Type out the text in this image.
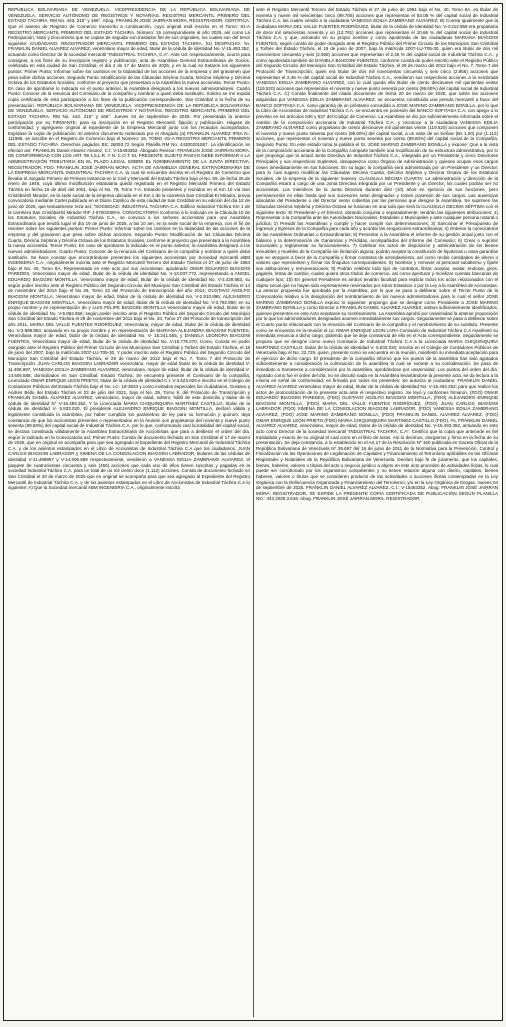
REPÚBLICA BOLIVARIANA DE VENEZUELA. VICEPRESIDENCIA DE LA REPÚBLICA BOLIVARIANA DE VENEZUELA. SERVICIO AUTÓNOMO DE REGISTROS Y NOTARÍAS. REGISTRO MERCANTIL PRIMERO DEL ESTADO TÁCHIRA. RM No. 443. 215° y 166°. Abog. FRANKLIN JOSÉ JAIRRAN MORA, REGISTRADOR. CERTIFICA: Que el asiento de Registro de Comercio transcrito a continuación, cuyo original está inscrito en el Tomo: 81-A REGISTRO MERCANTIL PRIMERO DEL ESTADO TÁCHIRA. Número: 15 correspondiente al año 2025, así como La Participación, Nota y Documento que se copian de seguida son traslados fiel de sus originales, los cuales son del tenor siguiente: CIUDADANO. REGISTRADOR MERCANTIL PRIMERO DEL ESTADO TÁCHIRA. SU DESPACHO. Yo, FRANKLIN DANIEL ALVAREZ ALVAREZ, venezolano mayor de edad, titular de la cédula de identidad No. V-15.493.352, actuando como Director de la sociedad mercantil "INDUSTRIAL TACHIRA, C.A". Ante Ud. respetuosamente, ocurro para consignar, a los fines de su inscripción registro y publicación, acta de Asamblea General Extraordinaria de Socios, celebrada en esta ciudad de San Cristóbal, el día 4 de 17 de Marzo de 2025, y en la cual se trataron los siguientes puntos: Primer Punto: Informar sobre los cambios en la titularidad de las acciones de la empresa y del gravamen que pesa sobre dichas acciones. Segundo Punto: Modificación de las Cláusulas Décima Cuarta, Décima Séptima y Décima Octava de los Estatutos Sociales, conforme al proyecto que presentara a la Asamblea la nueva accionista. Tercer Punto: En caso de aprobarse lo indicado en el punto anterior, la Asamblea designará a los nuevos administradores. Cuarto Punto: Conocer de la renuncia del Comisario de la compañía y nombrar a quien deba sustituirlo. Solicito se me expida copia certificada de esta participación a los fines de la publicación correspondiente. San Cristóbal a la fecha de su presentación. REPÚBLICA BOLIVARIANA DE VENEZUELA. VICEPRESIDENCIA DE LA REPÚBLICA BOLIVARIANA DE VENEZUELA. SERVICIO AUTÓNOMO DE REGISTROS Y NOTARÍAS. REGISTRO MERCANTIL PRIMERO DEL ESTADO TÁCHIRA. RM No. 443. 215° y 166°. Jueves 04 de septiembre de 2025. Por presentada la anterior participación por su FIRMANTE, para su inscripción en el Registro Mercantil, fijación y publicación. Hágase de conformidad, y agréguese original al expediente de la Empresa Mercantil junto con los recaudos acompañados. Expídase la copia de publicación. El anterior documento redactado por el Abogado (a) FRANKLIN ALVAREZ IPSA N.: 111986, se inscribe en el Registro de Comercio bajo el Número: 15, TOMO -81-A REGISTRO MERCANTIL PRIMERO DEL ESTADO TÁCHIRA. Derechos pagados BS: 28093.72 Según Planilla RM No. 44300201557. La identificación se efectuó así: FRANKLIN Daniel Alvarez Alvarez, C.I: V-15493352. Abogado Revisor: FRANKLIN JOSÉ JAIRRAN MORA. DE CONFORMIDAD CON LOS ART. 99 1,5,L.R. Y N. C.O.T. EL PRESENTE SUJETO PASIVO DEBE INFORMAR A LA ADMINISTRACIÓN TRIBUTARIA EN EL PLAZO LEGAL SOBRE EL NOMBRAMIENTO DE LA JUNTA DIRECTIVA. REGISTRADOR. FDO. FRANKLIN JOSÉ JAIRRAN MORA. ACTA DE ASAMBLEA GENERAL EXTRAORDINARIA DE LA EMPRESA MERCANTIL INDUSTRIAL TACHIRA C.A. la cual se encuentra inscrita en el Registro de Comercio que llevaba el Juzgado Primero de Primera Instancia en lo Civil y Mercantil del Estado Táchira bajo el No. 09, de fecha 25 de enero de 1946, cuya última modificación estatutaria quedó registrada en el Registro Mercantil Primero del Estado Táchira en fecha 16 de abril del 2001, bajo el No. 78, Tomo 7-A. Estando presentes y reunidos en el Km 10 vía San Cristóbal-El Mirador, en la sede social de la empresa ubicada en el Km 1 de la carretera San Cristóbal-El Mirador, previa convocatoria mediante Cartel publicado en el Diario Católico de esta ciudad de San Cristóbal en su edición del día 12 de junio de 2025, que textualmente reza así: "SOCIEDAD: INDUSTRIAL TACHIRA C.A. Edificio Industrial Táchira Km 1 de la carretera San Cristóbal-El Mirador RIF J-07001009-6. CONVOCATORIA Conforme a lo indicado en la Cláusula 10 de los Estatutos Sociales de Industrial Táchira C.A., se convoca a los señores accionistas para una Asamblea Extraordinaria que tendrá lugar el día 19 de junio de 2025, a las 10 am, en la sede social de la empresa, con el fin de resolver sobre los siguientes puntos: Primer Punto: Informar sobre los cambios en la titularidad de las acciones de la empresa y del gravamen que pesa sobre dichas acciones. Segundo Punto: Modificación de las Cláusulas Décima Cuarta, Décima Séptima y Décima Octava de los Estatutos Sociales, conforme al proyecto que presentara a la Asamblea la nueva accionista. Tercer Punto: En caso de aprobarse lo indicado en el punto anterior, la Asamblea designará a los nuevos administradores. Cuarto Punto: Conocer de la renuncia del Comisario de la compañía y nombrar a quien deba sustituirlo. Se hace constar que encontrándose presentes los siguientes accionistas por Sociedad mercantil ABM INGENIERIA C.A., originalmente inscrita ante el Registro Mercantil Tercero del Estado Táchira el 27 de junio de 1984 bajo el No. 40, Tomo 8A, Representada en este acto por sus accionistas: apoderado OMAR EDUARDO BIAGGINI PAREDES, Venezolano mayor de edad, titular de la cédula de identidad No. V-13.037.772, representando a ANGEL EDUARDO BIAGGINI MONTILLA, Venezolano mayor de edad, titular de la cédula de identidad No. V-3.429.883, su según poder inscrito ante el Registro Público del Segundo Circuito del Municipio San Cristóbal del Estado Táchira el 14 de noviembre del 2014 bajo el No 26, Tomo 22 del Protocolo de transcripción del año 2014; GUSTAVO ADOLFO BIAGGINI MONTILLA, Venezolano mayor de edad, titular de la cédula de identidad No. V-2.810.896; ALEJANDRO ENRIQUE BIAGGINI MONTILLA, Venezolano mayor de edad, titular de la cédula de identidad No. V-3.792.990; en su propio nombre y en representación de y LUIS FELIPE BIAGGINI MONTILLA Venezolano mayor de edad, titular de la cédula de identidad No. V-5.862.656; según poder inscrito ante el Registro Público del Segundo Circuito del Municipio San Cristóbal del Estado Táchira el 29 de noviembre del 2011 bajo el No. 34, Tomo 27 del Protocolo de transcripción del año 2011, MARIA DEL VALLE FUENTES RODRÍGUEZ, Venezolana, mayor de edad, titular de la cédula de identidad No. V-3.998.853, actuando en su propio nombre y en representación de MARIANA ALEJANDRA BIAGGINI FUENTES, Venezolana mayor de edad, titular de la cédula de identidad No. V- 15.241.555, y DANIELA LEONORA BIAGGINI FUENTES, Venezolana mayor de edad, titular de la cédula de identidad No. V-16.778.270, Como, Consta en poder otorgado ante el Registro Público del Primer Circuito de los Municipios San Cristóbal y Torbes del Estado Táchira, el 18 de junio del 2007, bajo la matrícula 2007-LU-T05-30, Y poder inscrito ante el Registro Público del Segundo Circuito del Municipio San Cristóbal del Estado Táchira, el 29 de marzo del 2012 bajo el No. 7, Tomo 7 del Protocolo de Transcripción. JUAN CARLOS BIAGGINI LABRADOR venezolano, mayor de edad titular de la cédula de identidad V-11.498.997, VANESSA EDILIA ZAMBRANO ALVIAREZ, venezolana, mayor de edad, titular de la cédula de identidad V-14.606.688, domiciliados en San Cristóbal, Estado Táchira, Se encuentra presente el Comisario de la compañía, Licenciado OMAR ENRIQUE LEÓN PRIETO, titular de la cédula de identidad C.I. V-3.623.626 e inscrito en el Colegio de Contadores Públicos del Estado Táchira bajo el No. LC- 18-3533 y como invitados especiales los ciudadanos, Gustavo y Andres Bello del Estado Táchira el 23 de julio del 2021, bajo el No. 35, Tomo 9, del Protocolo de Transcripción y FRANKLIN DANIEL ÁLVAREZ ALVAREZ, venezolano, mayor de edad, soltero, hábil de este domicilio y titular de la cédula de identidad N° V-15.493.352, Y la Licenciada MARIA CHIQUINQUIRA MARTINEZ CASTILLO, titular de la cédula de identidad V- 5.833.020, El presidente ALEJANDRO ENRIQUE BIAGGINI MONTILLA, declaró válida y legalmente constituida la asamblea, por haber cumplido los parámetros de ley para su formación y quórum: deja constancia de que los accionistas presentes o representados en la reunión son propietarios del noventa y nueve punto sesenta (99.60%) del capital social de Industrial Táchira C.A. por lo que, conformando casi la totalidad del capital social, se declara constituida válidamente la Asamblea Extraordinaria de Accionistas que para a deliberar el orden del día, según lo indicado en la Convocatoria así: Primer Punto: Consta de documento fechado en San Cristóbal el 17 de marzo de 2025, que en original se acompaña para que sea agregado al Expediente del Registro Mercantil de Industrial Táchira C.A. y de los asientos estampados en el Libro de Accionistas de Industrial Táchira C.A que los ciudadanos, JUAN CARLOS BIAGGINI LABRADOR y XIMENA DE LA CONSOLACION BIAGGINI LABRADOR, titulares de las cédulas de identidad V-11.498997 y V-14.606.688 respectivamente, vendieron a VANESSA EDILIA ZAMBRANO ALVIAREZ, el paquete de cuatrocientas cincuenta y seis (456) acciones que cada uno de ellos tienen suscritas y pagadas en la sociedad Industrial Táchira C.A. para un total de un mil ciento doce (1.112) acciones. Consta de documento fechado en San Cristóbal el 20 de marzo de 2025 que en original se acompaña para que sea agregado al Expediente del Registro Mercantil de Industrial Táchira C.A. y de los asientos estampados en el Libro de Accionistas de Industrial Táchira C.A lo siguiente: A) Que la Sociedad mercantil ABM INGENIERIA C.A., originalmente inscrita

ante el Registro Mercantil Tercero del Estado Táchira el 27 de junio de 1984 bajo el No. 40, Tomo 8A, es titular de noventa y nueve mil seiscientas cinco (99.705) acciones que representan el 83.08 % del capital social de Industrial Táchira C.A. las cuales vendió a la ciudadana VANESSA EDILIA ZAMBRANO ALVIAREZ; B) Consta igualmente que la ciudadana MARIA DEL VALLE FUENTES RODRÍGUEZ, titular de la cédula de identidad No. V-4.212.958 era propietaria de doce mil setecientas noventa y un (12.791) acciones que representan el 10,66 % del capital social de Industrial Táchira C.A. y que, actuando en su propio nombre y como apoderada de las ciudadanas MARIANA BIAGGINI FUENTES, según consta de poder otorgado ante el Registro Público del Primer Circuito de los Municipios San Cristóbal y Torbes del Estado Táchira, el 18 de junio de 2007, bajo la matrícula 2007-LU-T05-30, quien era titular de dos mil novecientos cincuenta y seis (2.956) acciones que representan el 2,46 % del capital social de Industrial Táchira C.A., y como apoderada también de DANIELA BIAGGINI FUENTES, conforme consta de poder inscrito ante el Registro Público del Segundo Circuito del Municipio San Cristóbal del Estado Táchira, el 29 de marzo del 2012 bajo el No. 7, Tomo 7 del Protocolo de Transcripción, quien era titular de dos mil novecientas cincuenta y seis cinco (2.956) acciones que representan el 2,46 % del capital social de Industrial Táchira C.A., vendieron sus respectivas acciones a la nombrada VANESSA EDILIA ZAMBRANO ALVIAREZ, con lo cual queda ella titular de ciento diecinueve mil quinientas veinte (119.520) acciones que representan el noventa y nueve punto sesenta por ciento (99.60%) del capital social de Industrial Táchira C.A. C) Consta finalmente del citado documento de fecha 20 de marzo de 2025, que sobre las acciones adquiridas por VANESSA EDILIA ZAMBRANO ALVIAREZ, se encuentra constituida una prenda mercantil a favor del BANCO SOFITASA C.A. como garantía de un préstamo concedido a JOSE MARINO ZAMBRANO BONILLA, por lo que la Libro de Accionistas de Industrial Táchira C.A. se encuentra en posesión del BANCO SOFITASA C.A. con apego a lo previsto en los artículos 536 y 537 del Código de Comercio. La Asamblea se dio por suficientemente informada sobre el cambio de la composición accionaria de Industrial Táchira C.A. y reconoce a la ciudadana VANESSA EDILIA ZAMBRANO ALVIAREZ como propietaria de ciento diecinueve mil quinientas veinte (119.520) acciones que componen el noventa y nueve punto sesenta por ciento (99,60%) del capital social, a un valor de un bolívar (Bs 1,00) por (1.112) acciones, que representan el noventa y nueve punto sesenta por ciento (99,60%) del capital social de la Compañía. Segundo Punto: En este estado toma la palabra el Sr. JOSE MARINO ZAMBRANO BONILLA y expone: Que a la vista de la composición accionaria de la Compañía comparte también una modificación de su estructura administrativa, por lo que propongo que la actual Junta Directiva de Industrial Táchira C.A., integrada por un Presidente y cinco Directores Principales y sus respectivos Suplentes, desaparezca como Órgano de Administración y quienes ocupan esos cargos cesen inmediatamente en sus funciones. En su lugar, la compañía será administrada por un Presidente y un Director, para lo cual sugiero modificar las Cláusulas Décima Cuarta, Décima Séptima y Décima Octava de los Estatutos Sociales, de la empresa de la siguiente manera: CLÁUSULA DÉCIMA CUARTA: La administración y dirección de la Compañía estará a cargo de una Junta Directiva integrada por un Presidente y un Director, los cuales podrán ser no accionistas. Los miembros de la Junta Directiva durarán diez (10) años en ejercicio de sus funciones, pero permanecerán en ellas hasta que sus sucesores sean designados y tomen posesión de sus cargos. Las ausencias absolutas del Presidente o del Director serán cubiertas por las personas que designe la Asamblea. Se suprimen las Cláusulas Décima Séptima y Décima Octava se fusionan en una sola que será la CLAUSULA DECIMA SÉPTIMA con el siguiente texto: El Presidente y el Director, obrando conjunta o separadamente, tendrán las siguientes atribuciones: 1) Representar a la Compañía ante las Autoridades Nacionales, Estadales o Municipales y ante cualquier persona natural o jurídica; 2) Presidir las Asambleas y cumplir y hacer cumplir sus determinaciones; 3) Sancionar el Presupuesto de Ingresos y Egresos de la Compañía para cada año y acordar las erogaciones extraordinarias; 4) Ordenar la convocatoria de las Asambleas Ordinarias o Extraordinarias; 5) Presentar a la Asamblea el informe de su gestión anual junto con el balance y la determinación de Ganancias y Pérdidas, acompañados del Informe del Comisario; 6) Crear o suprimir sucursales y reglamentar su funcionamiento. 7) Celebrar los actos de disposición y administración de los bienes inmuebles y muebles de la Compañía sin limitación alguna; podrán aceptar la constitución de hipotecas u otras garantías que se otorguen a favor de la Compañía y firmar contratos de arrendamiento, así como recibir cantidades de dinero o valores que representen y firmar los finiquitos correspondientes. 8) Nombrar y remover al personal subalterno y fijarle sus atribuciones y remuneraciones; 9) Podrán celebrar todo tipo de contratos, librar, aceptar, avalar, endosar, giros, pagarés, letras de cambio, cuales quiera otros títulos de comercio, así como aperturar y movilizar cuentas bancarias de cualquier tipo; 10) En general Presidente es ambos tendrán facultad para realizar todos los actos relacionados con el objeto social que no hayan sido expresamente reservados por estos Estatutos o por la Ley a la Asamblea de Accionistas. La anterior propuesta fue aprobada por la Asamblea, por lo que se pasa a deliberar sobre el Tercer Punto de la Convocatoria relativo a la designación del nombramiento de los nuevos administradores para lo cual el señor JOSE MARINO ZAMBRANO BONILLA expuso lo siguiente: propongo que se designe como Presidente a JOSE MARINO ZAMBRANO BONILLA y como Director a FRANKLIN DANIEL ALVAREZ ALVAREZ, ambos suficientemente identificados, quienes presentes en este Acto aceptaron su nombramiento. La Asamblea aprobó por unanimidad la anterior proposición por lo que los administradores designados asumen inmediatamente sus cargos. Seguidamente se pasa a deliberar sobre el Cuarto punto relacionado con la renuncia del Comisario de la compañía y el nombramiento de su sustituto. Presente como se encuentra en la reunión el Lic OMAR ENRIQUE LEON LARA Comisario de Industrial Táchira C.A manifestó su inmediata renuncia a dicho cargo, pidiendo que se deje constancia de ello en el Acta correspondiente. Seguidamente se propuso que se designe como nuevo Comisario de Industrial Táchira C.A a la Licenciada MARIA CHIQUINQUIRA MARTINEZ CASTILLO. titular de la cédula de identidad V- 5.833.020, inscrita en el Colegio de Contadores Públicos de Venezuela bajo el No. 22.729, quien, presente como se encuentra en la reunión, manifestó su inmediata aceptación para el ejercicio de dicho cargo. El presidente de la compañía informó que los puntos de la asamblea han sido agotados suficientemente a consideración la culminación de la asamblea la cual se somete a su consideración. Se pasa de inmediato a Someterse a consideración por la asamblea, aprobándose por unanimidad. Los puntos del orden del día. Agotado como fue el orden del día, no se discutió nada en la Asamblea levantándose la presente acta, se da lectura a la misma en señal de conformidad, es firmada por todos los presentes: Se autoriza al ciudadano: FRANKLIN DANIEL ALVAREZ ALVAREZ venezolano mayor de edad, titular de la cédula de identidad No. V-15.493.352; para que realice los actos de protocolización de la presente acta ante el respectivo registro. Se leyó y conformes firmaron, (FDO) OMAR EDUARDO BIAGGINI PAREDES, (FDO) GUSTAVO ADOLFO BIAGGINI MONTILLA, (FDO) ALEJANDRO ENRIQUE BIAGGINI MONTILLA, (FDO) MARIA DEL VALLE FUENTES RODRÍGUEZ, (FDO) JUAN CARLOS BIAGGINI LABRADOR (FDO) XIMENA DE LA CONSOLACION BIAGGINI LABRADOR, (FDO) VANESSA EDILIA ZAMBRANO ALVIAREZ, (FDO) JOSE MARINO ZAMBRANO BONILLA, (FDO) FRANKLIN DANIEL ALVAREZ ALVAREZ, (FDO) OMAR ENRIQUE LEÓN PRIETO (FDO) MARIA CHIQUINQUIRA MARTINEZ CASTILLO (FDO). Yo, FRANKLIN DANIEL ALVAREZ ALVAREZ, venezolano, mayor de edad, titular de la cédula de identidad No. V-15.493.352, actuando en este acto como Director de la sociedad mercantil "INDUSTRIAL TACHIRA, C.A". Certifico que la copia que antecede es fiel trasladada y exacto de su original el cual corre en el libro de actas. Así lo decimos, otorgamos y firmo en la fecha de su presentación. Se deja constancia, a lo establecido en el Art.17 de la Resolución Nº 150 publicada en Gaceta Oficial de la República Bolivariana de Venezuela Nº 39.697 del 16 de junio de 2011 de la Normativa para la Prevención, Control y Fiscalización de las Operaciones de Legitimación de Capitales y Financiamiento al Terrorismo aplicables en las Oficinas Registrales y Notariales de la República Bolivariana de Venezuela. Declaro bajo fe de juramento, que los capitales, bienes, haberes, valores o títulos del acto o negocio jurídico a objeto en este acto proceden de actividades lícitas, lo cual puede ser corroborado por los organismos competentes y no tienen relación alguna con dinero, capitales, bienes haberes, valores o títulos que se consideren producto de las actividades o acciones ilícitas contempladas en la Ley Orgánica con la Delincuencia Organizada y Financiamiento del Terrorismo, y/o en la Ley Orgánica de Drogas. Jueves 04 de septiembre de 2025. FRANKLIN DANIEL ALVAREZ ALVAREZ, C.I.: V-15493352. Abog. FRANKLIN JOSÉ JAIRRAN MORA. REGISTRADOR. SE EXPIDE LA PRESENTE COPIA CERTIFICADA DE PUBLICACIÓN SEGÚN PLANILLA NO.: 443.2025.3.646. Abog. FRANKLIN JOSÉ JAIRRAN MORA. REGISTRADOR.
